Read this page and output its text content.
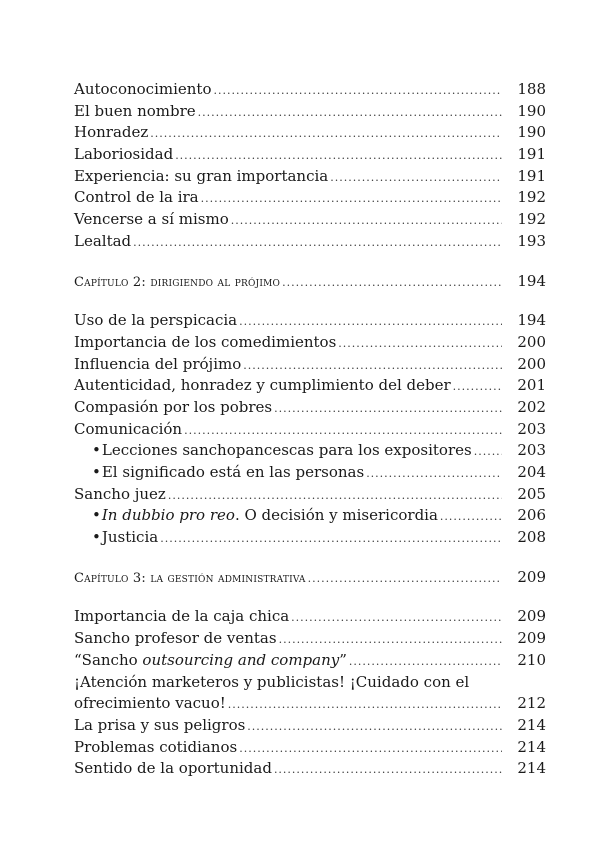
Autoconocimiento .....	188
El buen nombre .....	190
Honradez .....	190
Laboriosidad .....	191
Experiencia: su gran importancia .....	191
Control de la ira .....	192
Vencerse a sí mismo .....	192
Lealtad .....	193
Capítulo 2: dirigiendo al prójimo .....	194
Uso de la perspicacia .....	194
Importancia de los comedimientos .....	200
Influencia del prójimo .....	200
Autenticidad, honradez y cumplimiento del deber .....	201
Compasión por los pobres .....	202
Comunicación .....	203
•Lecciones sanchopancescas para los expositores .....	203
•El significado está en las personas .....	204
Sancho juez .....	205
•In dubbio pro reo. O decisión y misericordia .....	206
•Justicia .....	208
Capítulo 3: la gestión administrativa .....	209
Importancia de la caja chica .....	209
Sancho profesor de ventas .....	209
“Sancho outsourcing and company” .....	210
¡Atención marketeros y publicistas! ¡Cuidado con el
ofrecimiento vacuo! .....	212
La prisa y sus peligros .....	214
Problemas cotidianos .....	214
Sentido de la oportunidad .....	214
